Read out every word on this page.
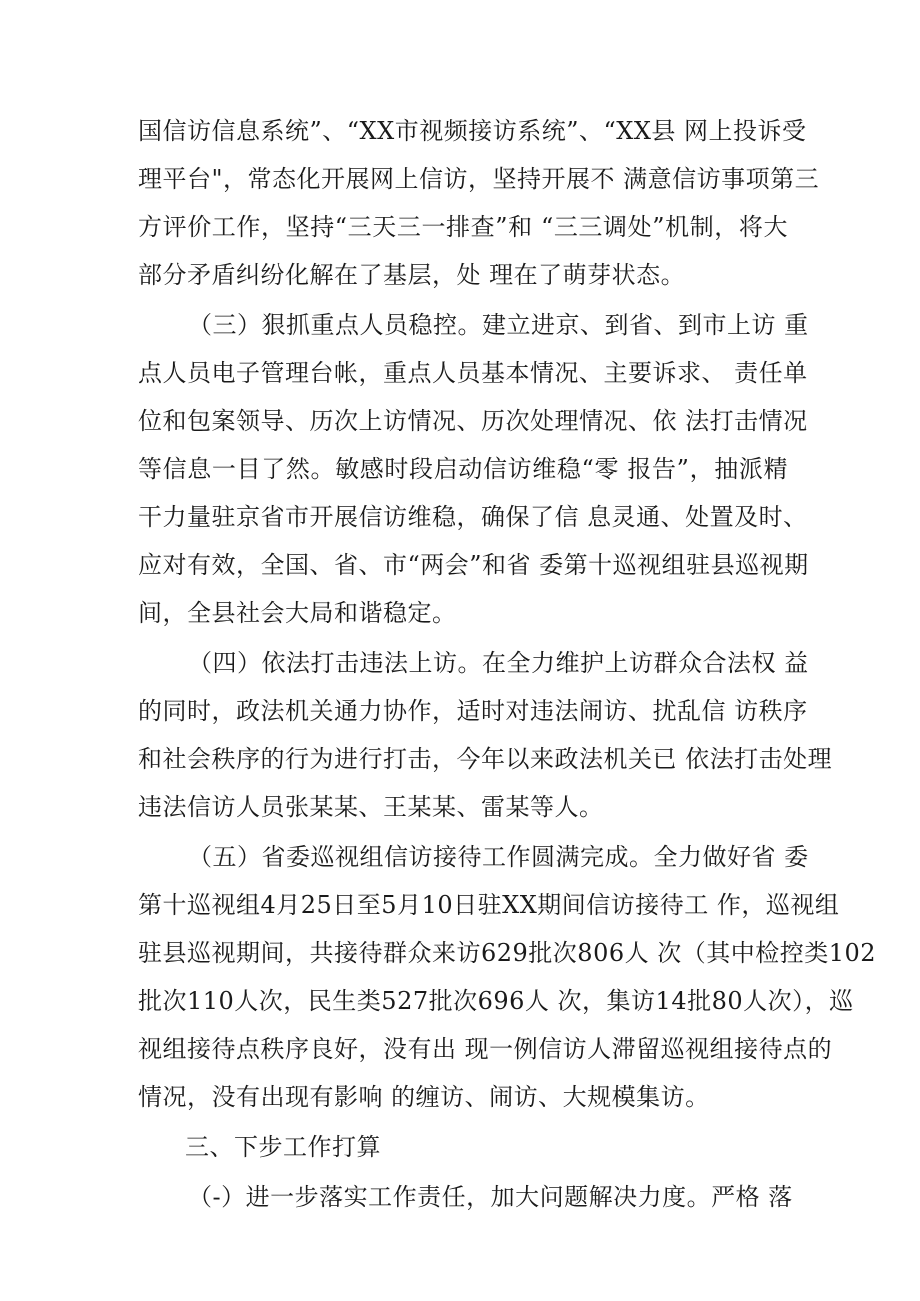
国信访信息系统”、“XX市视频接访系统”、“XX县 网上投诉受
理平台"，常态化开展网上信访，坚持开展不 满意信访事项第三
方评价工作，坚持“三天三一排查”和 “三三调处”机制，将大
部分矛盾纠纷化解在了基层，处 理在了萌芽状态。
（三）狠抓重点人员稳控。建立进京、到省、到市上访 重
点人员电子管理台帐，重点人员基本情况、主要诉求、 责任单
位和包案领导、历次上访情况、历次处理情况、依 法打击情况
等信息一目了然。敏感时段启动信访维稳“零 报告”，抽派精
干力量驻京省市开展信访维稳，确保了信 息灵通、处置及时、
应对有效，全国、省、市“两会”和省 委第十巡视组驻县巡视期
间，全县社会大局和谐稳定。
（四）依法打击违法上访。在全力维护上访群众合法权 益
的同时，政法机关通力协作，适时对违法闹访、扰乱信 访秩序
和社会秩序的行为进行打击，今年以来政法机关已 依法打击处理
违法信访人员张某某、王某某、雷某等人。
（五）省委巡视组信访接待工作圆满完成。全力做好省 委
第十巡视组4月25日至5月10日驻XX期间信访接待工 作，巡视组
驻县巡视期间，共接待群众来访629批次806人 次（其中检控类102
批次110人次，民生类527批次696人 次，集访14批80人次），巡
视组接待点秩序良好，没有出 现一例信访人滞留巡视组接待点的
情况，没有出现有影响 的缠访、闹访、大规模集访。
三、下步工作打算
（-）进一步落实工作责任，加大问题解决力度。严格 落
